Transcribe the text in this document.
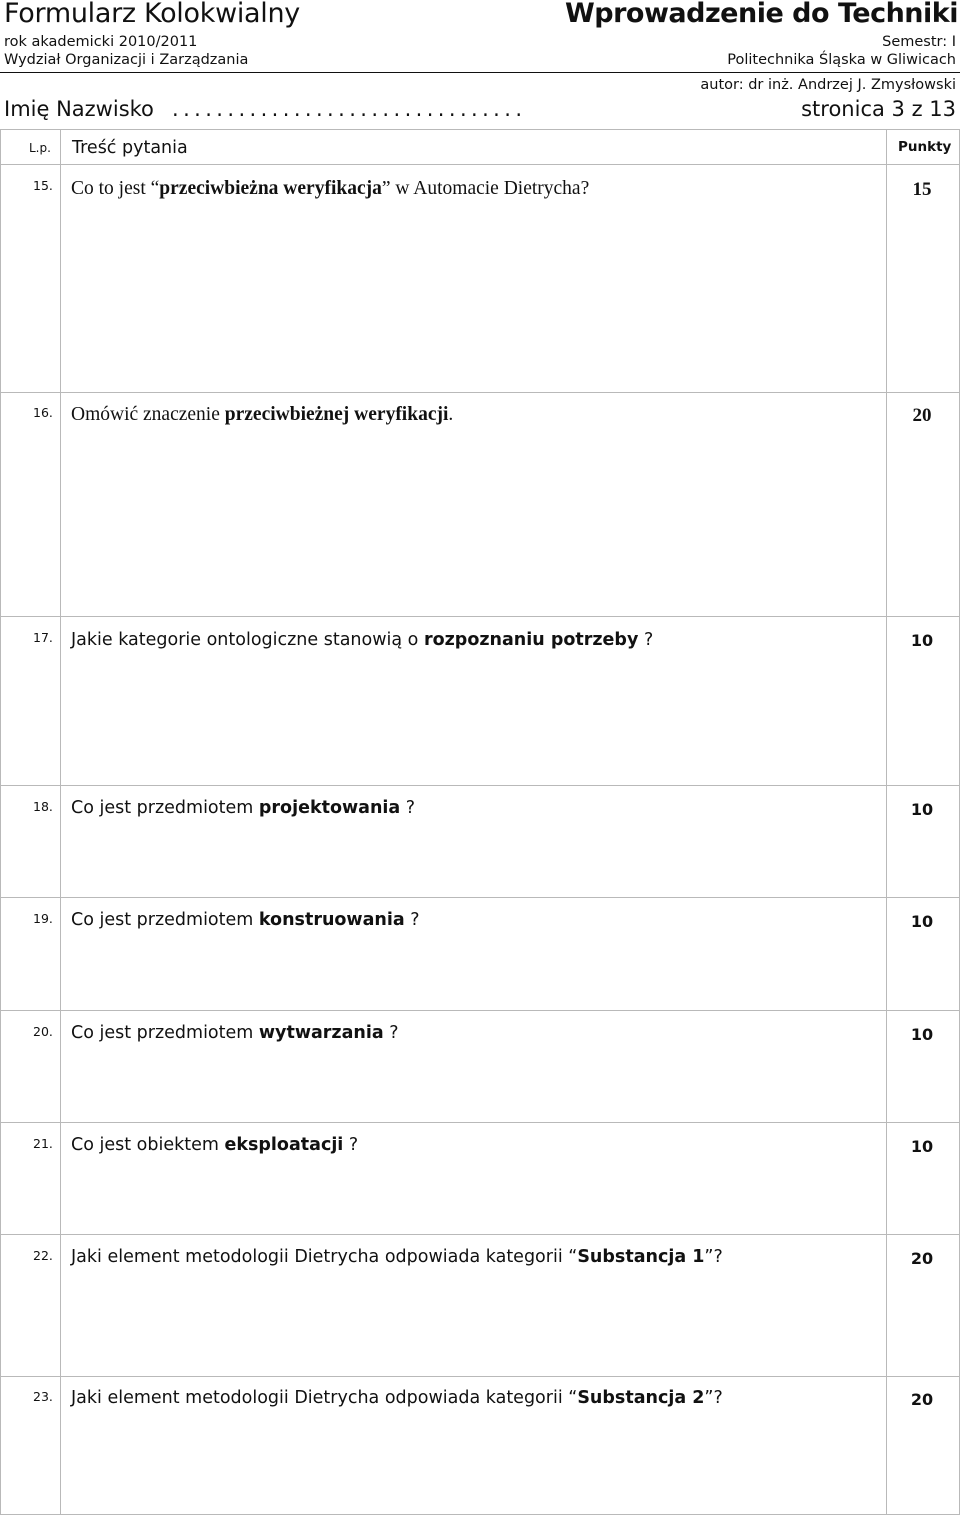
Formularz Kolokwialny	Wprowadzenie do Techniki
rok akademicki 2010/2011	Semestr: I
Wydział Organizacji i Zarządzania	Politechnika Śląska w Gliwicach
autor: dr inż. Andrzej J. Zmysłowski
Imię Nazwisko ................................	stronica 3 z 13
L.p. Treść pytania	Punkty
15. Co to jest “przeciwbieżna weryfikacja” w Automacie Dietrycha?	15
16. Omówić znaczenie przeciwbieżnej weryfikacji.	20
17. Jakie kategorie ontologiczne stanowią o rozpoznaniu potrzeby ?	10
18. Co jest przedmiotem projektowania ?	10
19. Co jest przedmiotem konstruowania ?	10
20. Co jest przedmiotem wytwarzania ?	10
21. Co jest obiektem eksploatacji ?	10
22. Jaki element metodologii Dietrycha odpowiada kategorii “Substancja 1”?	20
23. Jaki element metodologii Dietrycha odpowiada kategorii “Substancja 2”?	20
